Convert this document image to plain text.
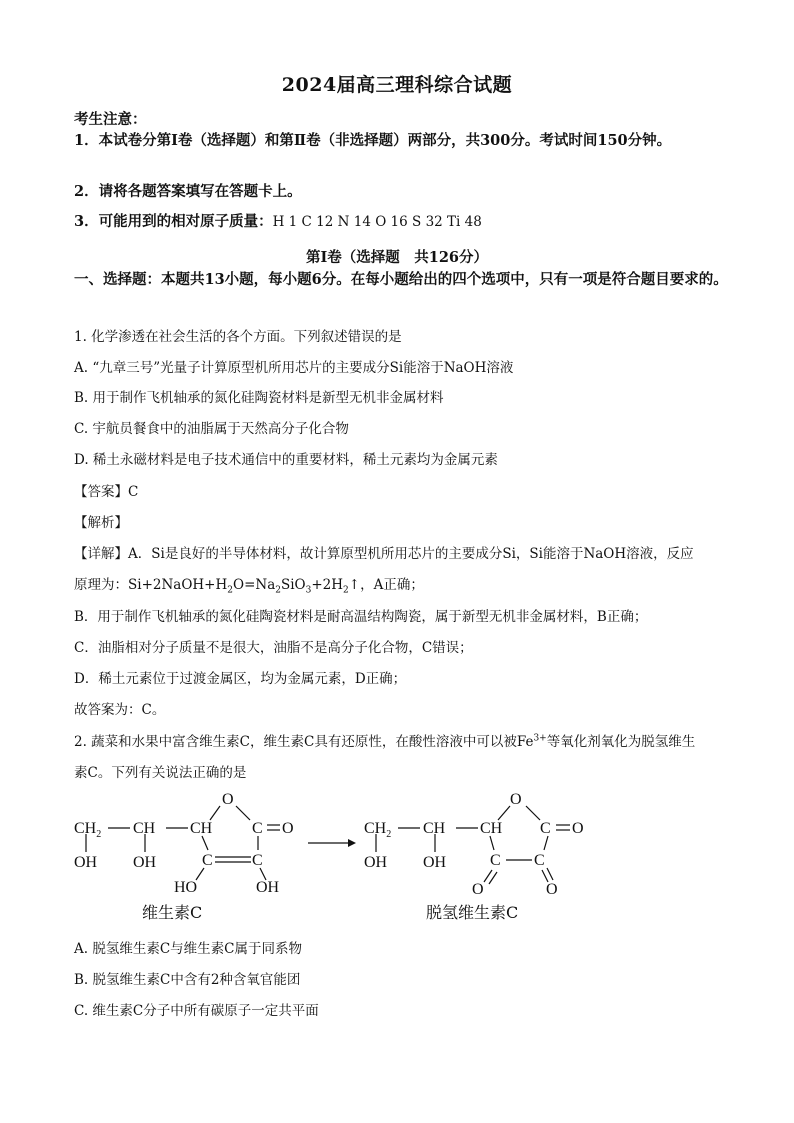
2024届高三理科综合试题
考生注意：
1．本试卷分第Ⅰ卷（选择题）和第Ⅱ卷（非选择题）两部分，共300分。考试时间150分钟。
2．请将各题答案填写在答题卡上。
3．可能用到的相对原子质量：H 1 C 12 N 14 O 16 S 32 Ti 48
第Ⅰ卷（选择题　共126分）
一、选择题：本题共13小题，每小题6分。在每小题给出的四个选项中，只有一项是符合题目要求的。
1. 化学渗透在社会生活的各个方面。下列叙述错误的是
A. “九章三号”光量子计算原型机所用芯片的主要成分Si能溶于NaOH溶液
B. 用于制作飞机轴承的氮化硅陶瓷材料是新型无机非金属材料
C. 宇航员餐食中的油脂属于天然高分子化合物
D. 稀土永磁材料是电子技术通信中的重要材料，稀土元素均为金属元素
【答案】C
【解析】
【详解】A．Si是良好的半导体材料，故计算原型机所用芯片的主要成分Si，Si能溶于NaOH溶液，反应
原理为：$Si+2NaOH+H_2O=Na_2SiO_3+2H_2↑$，A正确；
B．用于制作飞机轴承的氮化硅陶瓷材料是耐高温结构陶瓷，属于新型无机非金属材料，B正确；
C．油脂相对分子质量不是很大，油脂不是高分子化合物，C错误；
D．稀土元素位于过渡金属区，均为金属元素，D正确；
故答案为：C。
2. 蔬菜和水果中富含维生素C，维生素C具有还原性，在酸性溶液中可以被$Fe^{3+}$等氧化剂氧化为脱氢维生
素C。下列有关说法正确的是
O
$CH_2$ CH CH C O
OH OH	C C
HO	OH
维生素C
O
$CH_2$ CH CH C O
OH OH	C C
O	O
脱氢维生素C
A. 脱氢维生素C与维生素C属于同系物
B. 脱氢维生素C中含有2种含氧官能团
C. 维生素C分子中所有碳原子一定共平面
